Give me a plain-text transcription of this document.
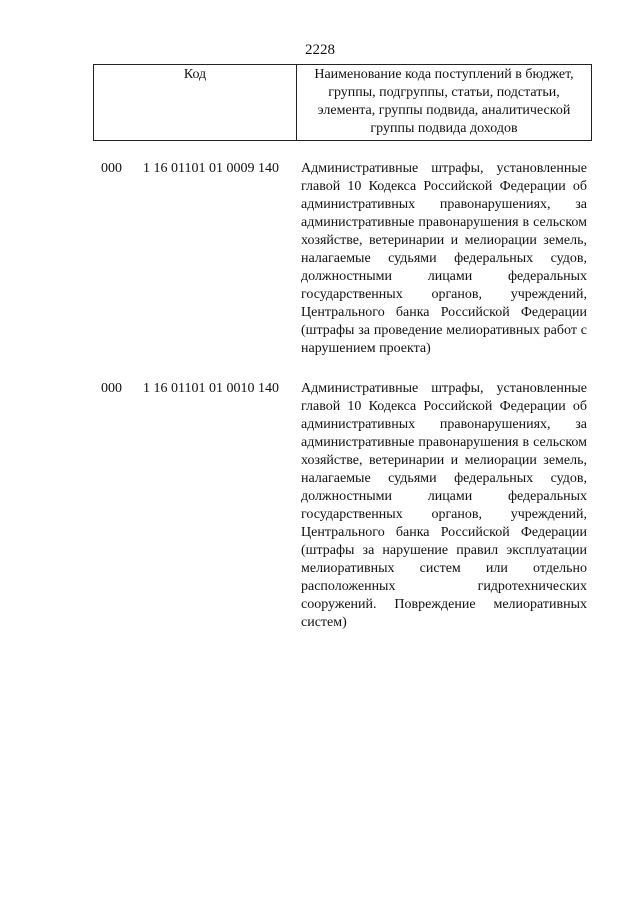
2228
Код	Наименование кода поступлений в бюджет, группы, подгруппы, статьи, подстатьи, элемента, группы подвида, аналитической группы подвида доходов
000 1 16 01101 01 0009 140 Административные штрафы, установленные главой 10 Кодекса Российской Федерации об административных правонарушениях, за административные правонарушения в сельском хозяйстве, ветеринарии и мелиорации земель, налагаемые судьями федеральных судов, должностными лицами федеральных государственных органов, учреждений, Центрального банка Российской Федерации (штрафы за проведение мелиоративных работ с нарушением проекта)
000 1 16 01101 01 0010 140 Административные штрафы, установленные главой 10 Кодекса Российской Федерации об административных правонарушениях, за административные правонарушения в сельском хозяйстве, ветеринарии и мелиорации земель, налагаемые судьями федеральных судов, должностными лицами федеральных государственных органов, учреждений, Центрального банка Российской Федерации (штрафы за нарушение правил эксплуатации мелиоративных систем или отдельно расположенных гидротехнических сооружений. Повреждение мелиоративных систем)
